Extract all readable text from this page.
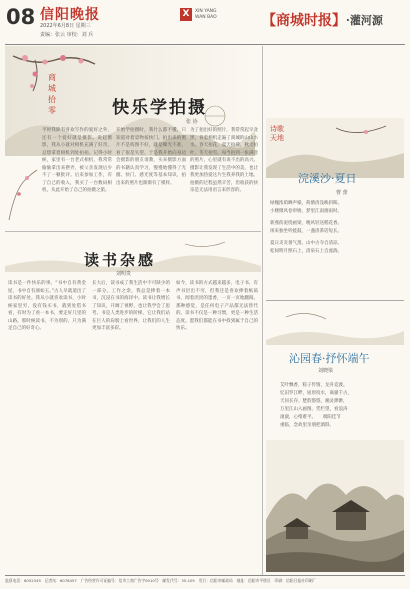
08 信阳晚报
2022年6月8日 星期三
责编：张云 审校：刘 兵
X	XIN YANG WAN BAO	【商城时报】 ·灌河源
商
城
拾
零	快乐学拍摄
张 协
平时我除有喜欢写作的爱好之外，还有一个爱好就是摄影。说起摄影，我从小就对相机充满了好奇，总想拿着相机到处拍拍。记得小时候，家里有一台老式相机，我常常偷偷拿出来摆弄，被父亲发现后少不了一顿批评。后来参加工作，有了自己的收入，我买了一台数码相机，从此开始了自己的拍摄之旅。
开始学拍摄时，我什么都不懂，只知道对着景物按快门。拍出来的照片不是构图不好，就是曝光不准，看了很是失望。于是我开始向身边会摄影的朋友请教，买来摄影方面的书籍认真学习，慢慢地懂得了光圈、快门、感光度等基本知识，拍出来的照片也渐渐有了模样。
为了拍出好的照片，我常常起早贪黑，背着相机走遍了商城的山山水水。春天拍花，夏天拍荷，秋天拍叶，冬天拍雪。每当拍到一张满意的照片，心里就有说不出的高兴。摄影让我发现了生活中的美，也让我更加热爱这片生我养我的土地。拍摄的过程虽然辛苦，但收获的快乐是无法用语言来形容的。
读书杂感
刘明贵
读书是一件快乐的事。“书中自有黄金屋，书中自有颜如玉。”古人早就道出了读书的好处。我从小就喜欢读书，小时候家里穷，没有钱买书，就到处借书看，有时为了看一本书，要走好几里的山路。那时候读书，不为别的，只为满足自己的好奇心。
长大后，读书成了我生活中不可缺少的一部分。工作之余，我总是捧着一本书，沉浸在书的海洋中。读书让我增长了知识，开阔了视野，也让我学会了思考。书是人类进步的阶梯，它让我们站在巨人的肩膀上看世界，让我们的人生更加丰富多彩。
如今，读书的方式越来越多，电子书、有声书层出不穷，但我还是喜欢捧着纸质书，闻着淡淡的墨香，一页一页地翻阅。那种感觉，是任何电子产品都无法替代的。读书不仅是一种习惯，更是一种生活态度。愿我们都能在书中找到属于自己的快乐。
诗歌
天地
浣溪沙·夏日
曹 蕾
绿槐浓荫蝉声噪，荷塘清浅映斜晖。
小楼微风卷帘栊，梦里江南烟雨时。
新燕衔泥绕画梁，晚风轻送稻花香。
闲来独坐听蛙鼓，一盏清茶话短长。
夏日炎炎暑气蒸，山中古寺自清凉。
松间明月照石上，清泉石上自流淌。
沁园春·抒怀端午
刘晓梁
艾叶飘香，粽子传情，龙舟竞渡。
忆汨罗江畔，屈原投水，离骚千古，
天问长存。楚韵悠悠，湘灵渺渺，
万里江山入画图。凭栏望，看浪涛
滚滚，心绪难平。　　端阳佳节
重临，念故里亲朋把酒斟。
监督电话：6052345　记者站：6078457　广告经营许可证编号：信市工商广告字0010号　邮发代号：35-105　发行：信阳市邮政局　地址：信阳市平桥区　印刷：信阳日报社印刷厂
